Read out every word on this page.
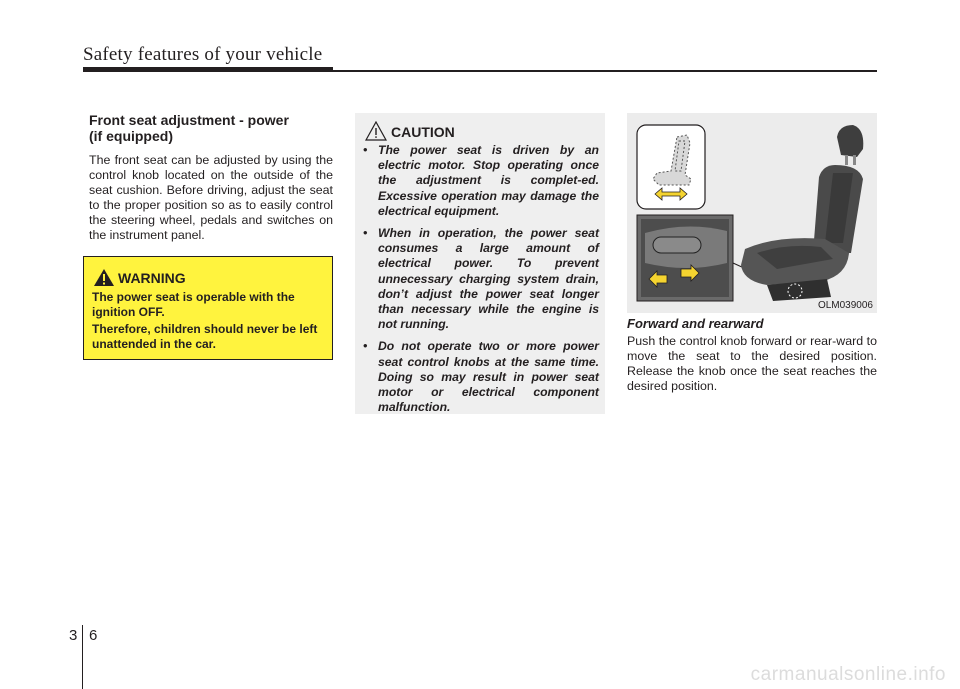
Safety features of your vehicle
Front seat adjustment - power
(if equipped)
The front seat can be adjusted by using the control knob located on the outside of the seat cushion. Before driving, adjust the seat to the proper position so as to easily control the steering wheel, pedals and switches on the instrument panel.
WARNING
The power seat is operable with the ignition OFF.
Therefore, children should never be left unattended in the car.
CAUTION
• The power seat is driven by an electric motor. Stop operating once the adjustment is complet-ed. Excessive operation may damage the electrical equipment.
• When in operation, the power seat consumes a large amount of electrical power. To prevent unnecessary charging system drain, don’t adjust the power seat longer than necessary while the engine is not running.
• Do not operate two or more power seat control knobs at the same time. Doing so may result in power seat motor or electrical component malfunction.
OLM039006
Forward and rearward
Push the control knob forward or rear-ward to move the seat to the desired position. Release the knob once the seat reaches the desired position.
3 6
carmanualsonline.info
